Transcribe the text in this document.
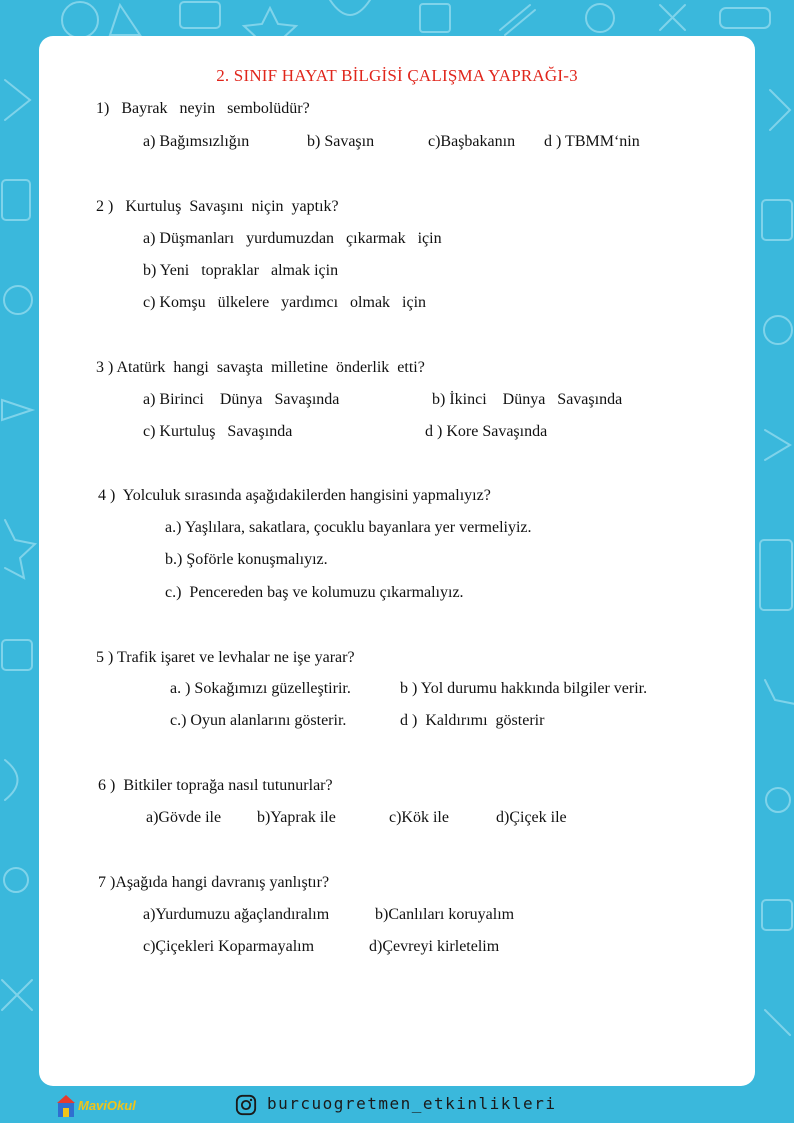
2. SINIF HAYAT BİLGİSİ ÇALIŞMA YAPRAĞI-3
1)   Bayrak   neyin   sembolüdür?
a) Bağımsızlığın	b) Savaşın	c)Başbakanın d ) TBMM‘nin
2 )   Kurtuluş  Savaşını  niçin  yaptık?
a) Düşmanları   yurdumuzdan   çıkarmak   için
b) Yeni   topraklar   almak için
c) Komşu   ülkelere   yardımcı   olmak   için
3 ) Atatürk  hangi  savaşta  milletine  önderlik  etti?
a) Birinci    Dünya   Savaşında	b) İkinci    Dünya   Savaşında
c) Kurtuluş   Savaşında	d ) Kore Savaşında
4 )  Yolculuk sırasında aşağıdakilerden hangisini yapmalıyız?
a.) Yaşlılara, sakatlara, çocuklu bayanlara yer vermeliyiz.
b.) Şoförle konuşmalıyız.
c.)  Pencereden baş ve kolumuzu çıkarmalıyız.
5 ) Trafik işaret ve levhalar ne işe yarar?
a. ) Sokağımızı güzelleştirir.	b ) Yol durumu hakkında bilgiler verir.
c.) Oyun alanlarını gösterir.	d )  Kaldırımı  gösterir
6 )  Bitkiler toprağa nasıl tutunurlar?
a)Gövde ile b)Yaprak ile	c)Kök ile	d)Çiçek ile
7 )Aşağıda hangi davranış yanlıştır?
a)Yurdumuzu ağaçlandıralım	b)Canlıları koruyalım
c)Çiçekleri Koparmayalım	d)Çevreyi kirletelim
MaviOkul	burcuogretmen_etkinlikleri
